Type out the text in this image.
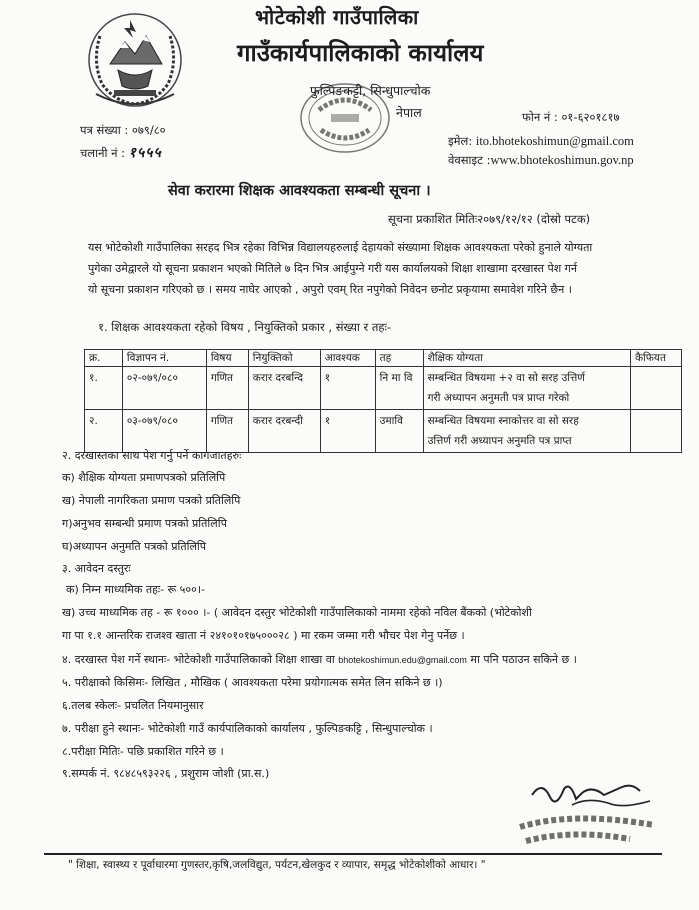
भोटेकोशी गाउँपालिका
गाउँकार्यपालिकाको कार्यालय
फुल्पिङकट्टी, सिन्धुपाल्चोक
नेपाल
पत्र संख्या : ०७९/८०
चलानी नं : १५५५
फोन नं : ०१-६२०१८१७
इमेल: ito.bhotekoshimun@gmail.com
वेवसाइट :www.bhotekoshimun.gov.np
सेवा करारमा शिक्षक आवश्यकता सम्बन्धी सूचना ।
सूचना प्रकाशित मितिः२०७९/१२/१२ (दोस्रो पटक)
यस भोटेकोशी गाउँपालिका सरहद भित्र रहेका विभिन्न विद्यालयहरुलाई देहायको संख्यामा शिक्षक आवश्यकता परेको हुनाले योग्यता
पुगेका उमेद्वारले यो सूचना प्रकाशन भएको मितिले ७ दिन भित्र आईपुग्ने गरी यस कार्यालयको शिक्षा शाखामा दरखास्त पेश गर्न
यो सूचना प्रकाशन गरिएको छ । समय नाघेर आएको , अपुरो एवम् रित नपुगेको निवेदन छनोट प्रकृयामा समावेश गरिने छैन ।
१. शिक्षक आवश्यकता रहेको विषय , नियुक्तिको प्रकार , संख्या र तहः-
क्र.	विज्ञापन नं.	विषय	नियुक्तिको	आवश्यक	तह	शैक्षिक योग्यता	कैफियत
१.	०२-०७९/०८०	गणित	करार दरबन्दि	१	नि मा वि	सम्बन्धित विषयमा +२ वा सो सरह उत्तिर्ण
गरी अध्यापन अनुमती पत्र प्राप्त गरेको	

२.	०३-०७९/०८०	गणित	करार दरबन्दी	१	उमावि	सम्बन्धित विषयमा स्नाकोत्तर वा सो सरह
उत्तिर्ण गरी अध्यापन अनुमति पत्र प्राप्त	

२. दरखास्तका साथ पेश गर्नु पर्ने कागजातहरुः
क) शैक्षिक योग्यता प्रमाणपत्रको प्रतिलिपि
ख) नेपाली नागरिकता प्रमाण पत्रको प्रतिलिपि
ग)अनुभव सम्बन्धी प्रमाण पत्रको प्रतिलिपि
घ)अध्यापन अनुमति पत्रको प्रतिलिपि
३. आवेदन दस्तुरः
क) निम्न माध्यमिक तहः- रू ५००।-
ख) उच्च माध्यमिक तह - रू १००० ।- ( आवेदन दस्तुर भोटेकोशी गाउँपालिकाको नाममा रहेको नविल बैंकको (भोटेकोशी
गा पा १.१ आन्तरिक राजश्व खाता नं २४१०१०१७५०००२८ ) मा रकम जम्मा गरी भौचर पेश गेनु पर्नेछ ।
४. दरखास्त पेश गर्ने स्थानः- भोटेकोशी गाउँपालिकाको शिक्षा शाखा वा bhotekoshimun.edu@gmail.com मा पनि पठाउन सकिने छ ।
५. परीक्षाको किसिमः- लिखित , मौखिक ( आवश्यकता परेमा प्रयोगात्मक समेत लिन सकिने छ ।)
६.तलब स्केलः- प्रचलित नियमानुसार
७. परीक्षा हुने स्थानः- भोटेकोशी गाउँ कार्यपालिकाको कार्यालय , फुल्पिङकट्टि , सिन्धुपाल्चोक ।
८.परीक्षा मितिः- पछि प्रकाशित गरिने छ ।
९.सम्पर्क नं. ९८४८५९३२२६ , प्रशुराम जोशी (प्रा.स.)
" शिक्षा, स्वास्थ्य र पूर्वाधारमा गुणस्तर,कृषि,जलविद्युत, पर्यटन,खेलकुद र व्यापार, समृद्ध भोटेकोशीको आधार। "
